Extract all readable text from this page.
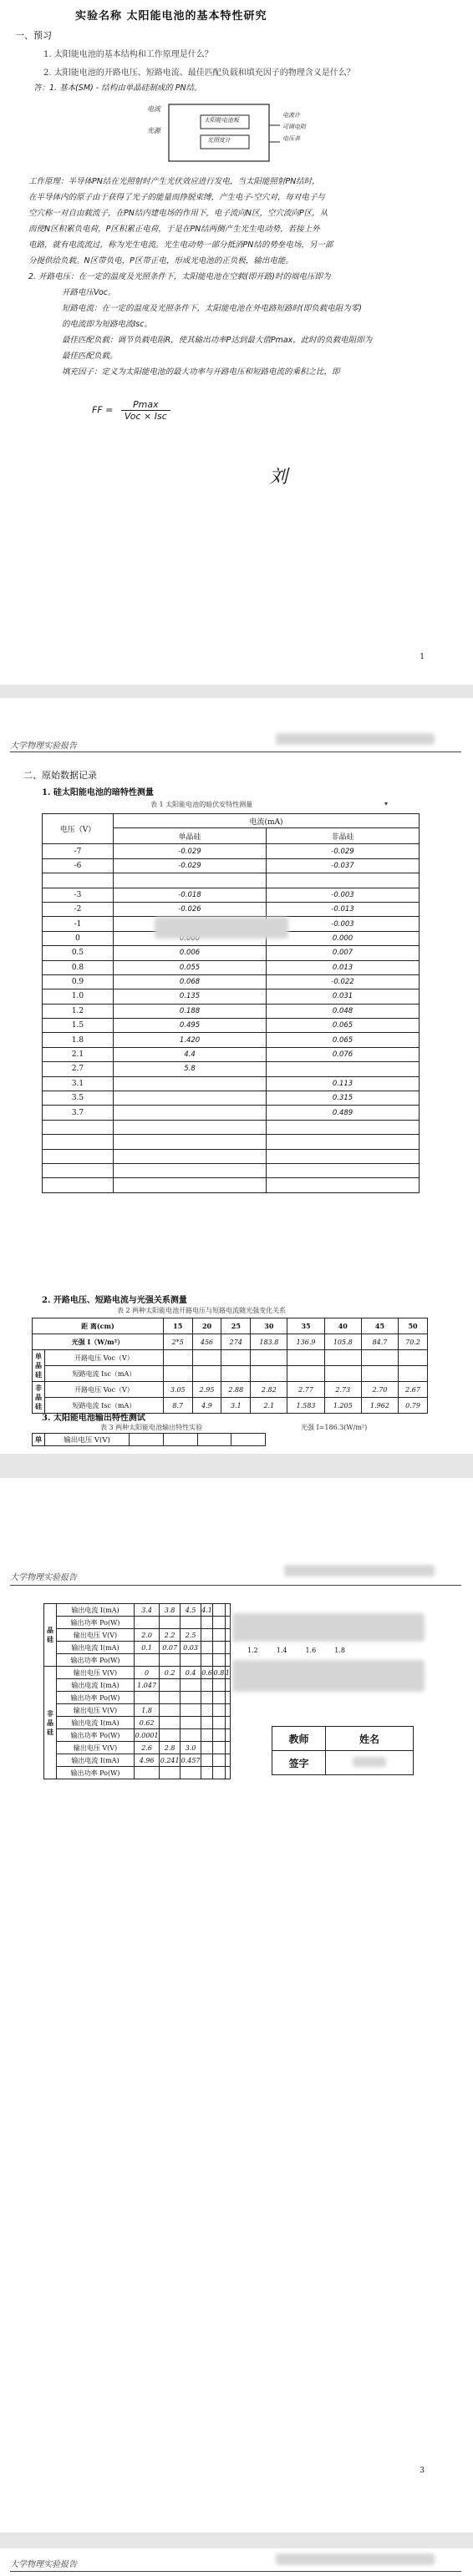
实验名称 太阳能电池的基本特性研究
一、预习
1. 太阳能电池的基本结构和工作原理是什么？
2. 太阳能电池的开路电压、短路电流、最佳匹配负载和填充因子的物理含义是什么？
答：1. 基本(SM) - 结构由单晶硅制成的 PN结。
电流
光源
太阳能电池板
光照度计
电流计
可调电阻
电压表
工作原理：半导体PN结在光照射时产生光伏效应进行发电，当太阳能照射PN结时，
在半导体内的原子由于获得了光子的能量而挣脱束缚，产生电子-空穴对，每对电子与
空穴称一对自由载流子，在PN结内建电场的作用下，电子流向N区，空穴流向P区，从
而使N区积累负电荷，P区积累正电荷，于是在PN结两侧产生光生电动势，若接上外
电路，就有电流流过，称为光生电流。光生电动势一部分抵消PN结的势垒电场，另一部
分提供给负载。N区带负电，P区带正电，形成光电池的正负极，输出电能。
2. 开路电压：在一定的温度及光照条件下，太阳能电池在空载(即开路)时的端电压即为
开路电压Voc。
短路电流：在一定的温度及光照条件下，太阳能电池在外电路短路时(即负载电阻为零)
的电流即为短路电流Isc。
最佳匹配负载：调节负载电阻R，使其输出功率P达到最大值Pmax，此时的负载电阻即为
最佳匹配负载。
填充因子：定义为太阳能电池的最大功率与开路电压和短路电流的乘积之比，即
FF =	Pmax
Voc × Isc
刘
1
大学物理实验报告
二、原始数据记录
1. 硅太阳能电池的暗特性测量
表 1 太阳能电池的暗伏安特性测量	▾
电压（V）	电流(mA)	
	单晶硅	非晶硅
-7	-0.029	-0.029
-6	-0.029	-0.037

-3	-0.018	-0.003
-2	-0.026	-0.013
-1		-0.003
0		0.000
0.5	0.006	0.007
0.8	0.055	0.013
0.9	0.068	-0.022
1.0	0.135	0.031
1.2	0.188	0.048
1.5	0.495	0.065
1.8	1.420	0.065
2.1	4.4	0.076
2.7	5.8	
3.1		0.113
3.5		0.315
3.7		0.489

2. 开路电压、短路电流与光强关系测量
表 2 两种太阳能电池开路电压与短路电流随光强变化关系
距 离(cm)		15	20	25	30	35	40	45	50
光强 I（W/m²）		2*5	456	274	183.8	136.9	105.8	84.7	70.2
单晶硅	开路电压 Voc（V）								
	短路电流 Isc（mA）								
非晶硅	开路电压 Voc（V）	3.05	2.95	2.88	2.82	2.77	2.73	2.70	2.67
	短路电流 Isc（mA）	8.7	4.9	3.1	2.1	1.583	1.205	1.962	0.79
3. 太阳能电池输出特性测试
表 3 两种太阳能电池输出特性实验	光强 I=186.3(W/m²)
单	输出电压 V(V)				
大学物理实验报告
晶硅	输出电流 I(mA)	3.4	3.8	4.5	4.1		
	输出功率 Po(W)						
	输出电压 V(V)	2.0	2.2	2.5			
	输出电流 I(mA)	0.1	0.07	0.03			
	输出功率 Po(W)						
非晶硅	输出电压 V(V)	0	0.2	0.4	0.6	0.8	1
	输出电流 I(mA)	1.047					
	输出功率 Po(W)						
	输出电压 V(V)	1.8					
	输出电流 I(mA)	0.62					
	输出功率 Po(W)	0.0001					
	输出电压 V(V)	2.6	2.8	3.0			
	输出电流 I(mA)	4.96	0.241	0.457			
	输出功率 Po(W)						
1.2	1.4	1.6	1.8
教师	姓名
签字	
3
大学物理实验报告
